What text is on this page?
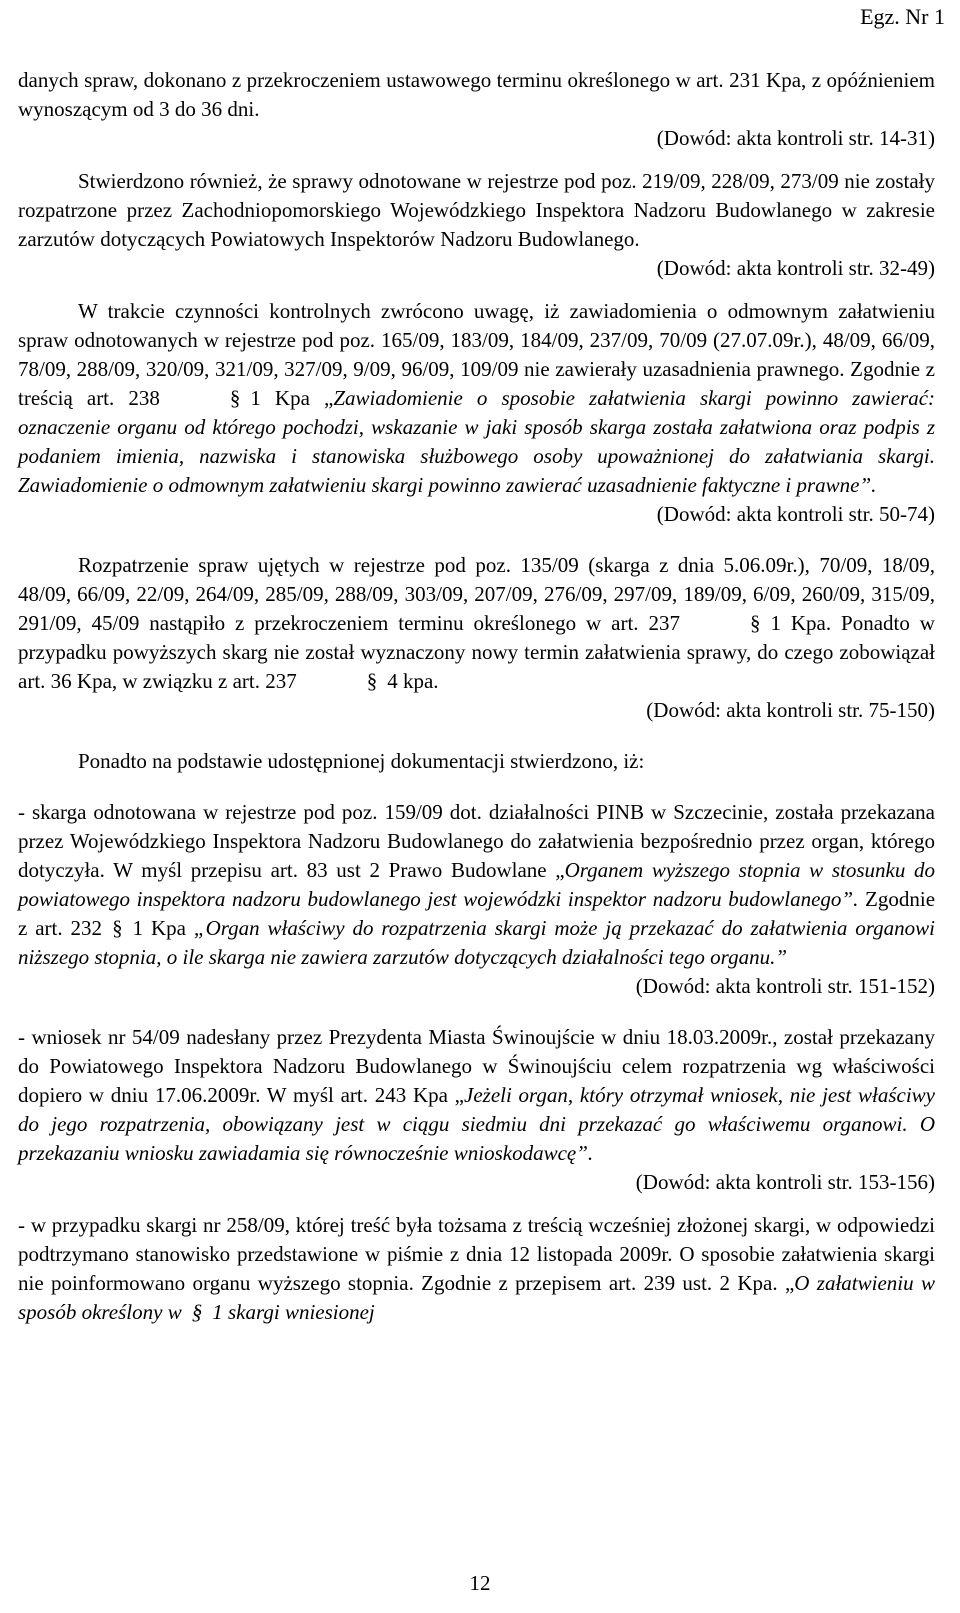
Egz. Nr 1

danych spraw, dokonano z przekroczeniem ustawowego terminu określonego w art. 231 Kpa, z opóźnieniem wynoszącym od 3 do 36 dni.

(Dowód: akta kontroli str. 14-31)

Stwierdzono również, że sprawy odnotowane w rejestrze pod poz. 219/09, 228/09, 273/09 nie zostały rozpatrzone przez Zachodniopomorskiego Wojewódzkiego Inspektora Nadzoru Budowlanego w zakresie zarzutów dotyczących Powiatowych Inspektorów Nadzoru Budowlanego.

(Dowód: akta kontroli str. 32-49)

W trakcie czynności kontrolnych zwrócono uwagę, iż zawiadomienia o odmownym załatwieniu spraw odnotowanych w rejestrze pod poz. 165/09, 183/09, 184/09, 237/09, 70/09 (27.07.09r.), 48/09, 66/09, 78/09, 288/09, 320/09, 321/09, 327/09, 9/09, 96/09, 109/09 nie zawierały uzasadnienia prawnego. Zgodnie z treścią art. 238	§ 1 Kpa „Zawiadomienie o sposobie załatwienia skargi powinno zawierać: oznaczenie organu od którego pochodzi, wskazanie w jaki sposób skarga została załatwiona oraz podpis z podaniem imienia, nazwiska i stanowiska służbowego osoby upoważnionej do załatwiania skargi. Zawiadomienie o odmownym załatwieniu skargi powinno zawierać uzasadnienie faktyczne i prawne”.

(Dowód: akta kontroli str. 50-74)

Rozpatrzenie spraw ujętych w rejestrze pod poz. 135/09 (skarga z dnia 5.06.09r.), 70/09, 18/09, 48/09, 66/09, 22/09, 264/09, 285/09, 288/09, 303/09, 207/09, 276/09, 297/09, 189/09, 6/09, 260/09, 315/09, 291/09, 45/09 nastąpiło z przekroczeniem terminu określonego w art. 237	§ 1 Kpa. Ponadto w przypadku powyższych skarg nie został wyznaczony nowy termin załatwienia sprawy, do czego zobowiązał art. 36 Kpa, w związku z art. 237	§ 4 kpa.

(Dowód: akta kontroli str. 75-150)

Ponadto na podstawie udostępnionej dokumentacji stwierdzono, iż:

- skarga odnotowana w rejestrze pod poz. 159/09 dot. działalności PINB w Szczecinie, została przekazana przez Wojewódzkiego Inspektora Nadzoru Budowlanego do załatwienia bezpośrednio przez organ, którego dotyczyła. W myśl przepisu art. 83 ust 2 Prawo Budowlane „Organem wyższego stopnia w stosunku do powiatowego inspektora nadzoru budowlanego jest wojewódzki inspektor nadzoru budowlanego”. Zgodnie z art. 232 § 1 Kpa „Organ właściwy do rozpatrzenia skargi może ją przekazać do załatwienia organowi niższego stopnia, o ile skarga nie zawiera zarzutów dotyczących działalności tego organu.”

(Dowód: akta kontroli str. 151-152)

- wniosek nr 54/09 nadesłany przez Prezydenta Miasta Świnoujście w dniu 18.03.2009r., został przekazany do Powiatowego Inspektora Nadzoru Budowlanego w Świnoujściu celem rozpatrzenia wg właściwości dopiero w dniu 17.06.2009r. W myśl art. 243 Kpa „Jeżeli organ, który otrzymał wniosek, nie jest właściwy do jego rozpatrzenia, obowiązany jest w ciągu siedmiu dni przekazać go właściwemu organowi. O przekazaniu wniosku zawiadamia się równocześnie wnioskodawcę”.

(Dowód: akta kontroli str. 153-156)

- w przypadku skargi nr 258/09, której treść była tożsama z treścią wcześniej złożonej skargi, w odpowiedzi podtrzymano stanowisko przedstawione w piśmie z dnia 12 listopada 2009r. O sposobie załatwienia skargi nie poinformowano organu wyższego stopnia. Zgodnie z przepisem art. 239 ust. 2 Kpa. „O załatwieniu w sposób określony w § 1 skargi wniesionej

12
